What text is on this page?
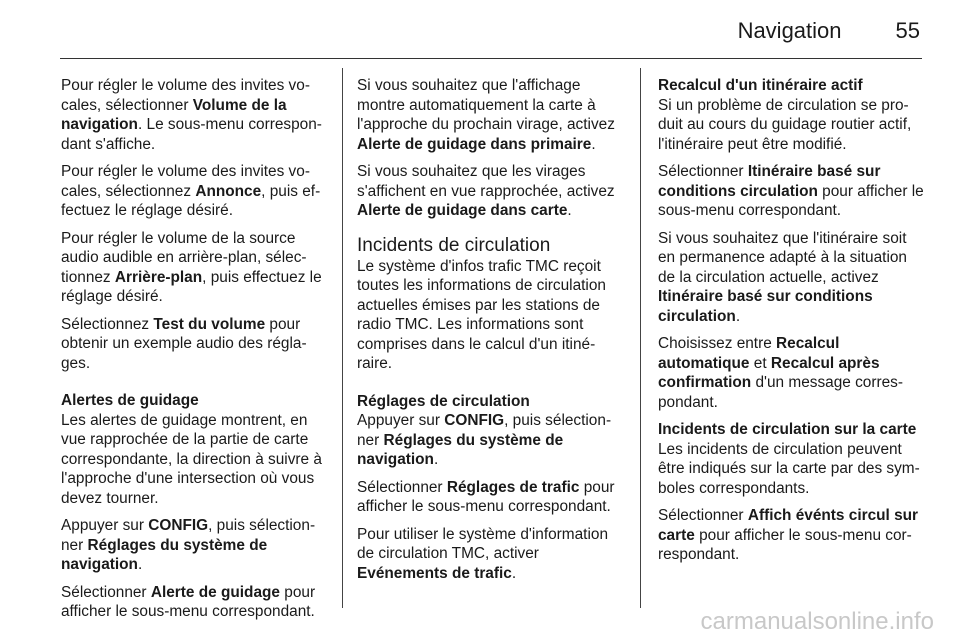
Navigation 55

Pour régler le volume des invites vocales, sélectionner Volume de la navigation. Le sous-menu correspondant s'affiche.

Pour régler le volume des invites vocales, sélectionnez Annonce, puis effectuez le réglage désiré.

Pour régler le volume de la source audio audible en arrière-plan, sélectionnez Arrière-plan, puis effectuez le réglage désiré.

Sélectionnez Test du volume pour obtenir un exemple audio des réglages.

Alertes de guidage

Les alertes de guidage montrent, en vue rapprochée de la partie de carte correspondante, la direction à suivre à l'approche d'une intersection où vous devez tourner.

Appuyer sur CONFIG, puis sélectionner Réglages du système de navigation.

Sélectionner Alerte de guidage pour afficher le sous-menu correspondant.

Si vous souhaitez que l'affichage montre automatiquement la carte à l'approche du prochain virage, activez Alerte de guidage dans primaire.

Si vous souhaitez que les virages s'affichent en vue rapprochée, activez Alerte de guidage dans carte.

Incidents de circulation

Le système d'infos trafic TMC reçoit toutes les informations de circulation actuelles émises par les stations de radio TMC. Les informations sont comprises dans le calcul d'un itinéraire.

Réglages de circulation

Appuyer sur CONFIG, puis sélectionner Réglages du système de navigation.

Sélectionner Réglages de trafic pour afficher le sous-menu correspondant.

Pour utiliser le système d'information de circulation TMC, activer Evénements de trafic.

Recalcul d'un itinéraire actif

Si un problème de circulation se produit au cours du guidage routier actif, l'itinéraire peut être modifié.

Sélectionner Itinéraire basé sur conditions circulation pour afficher le sous-menu correspondant.

Si vous souhaitez que l'itinéraire soit en permanence adapté à la situation de la circulation actuelle, activez Itinéraire basé sur conditions circulation.

Choisissez entre Recalcul automatique et Recalcul après confirmation d'un message correspondant.

Incidents de circulation sur la carte

Les incidents de circulation peuvent être indiqués sur la carte par des symboles correspondants.

Sélectionner Affich événts circul sur carte pour afficher le sous-menu correspondant.

carmanualsonline.info
